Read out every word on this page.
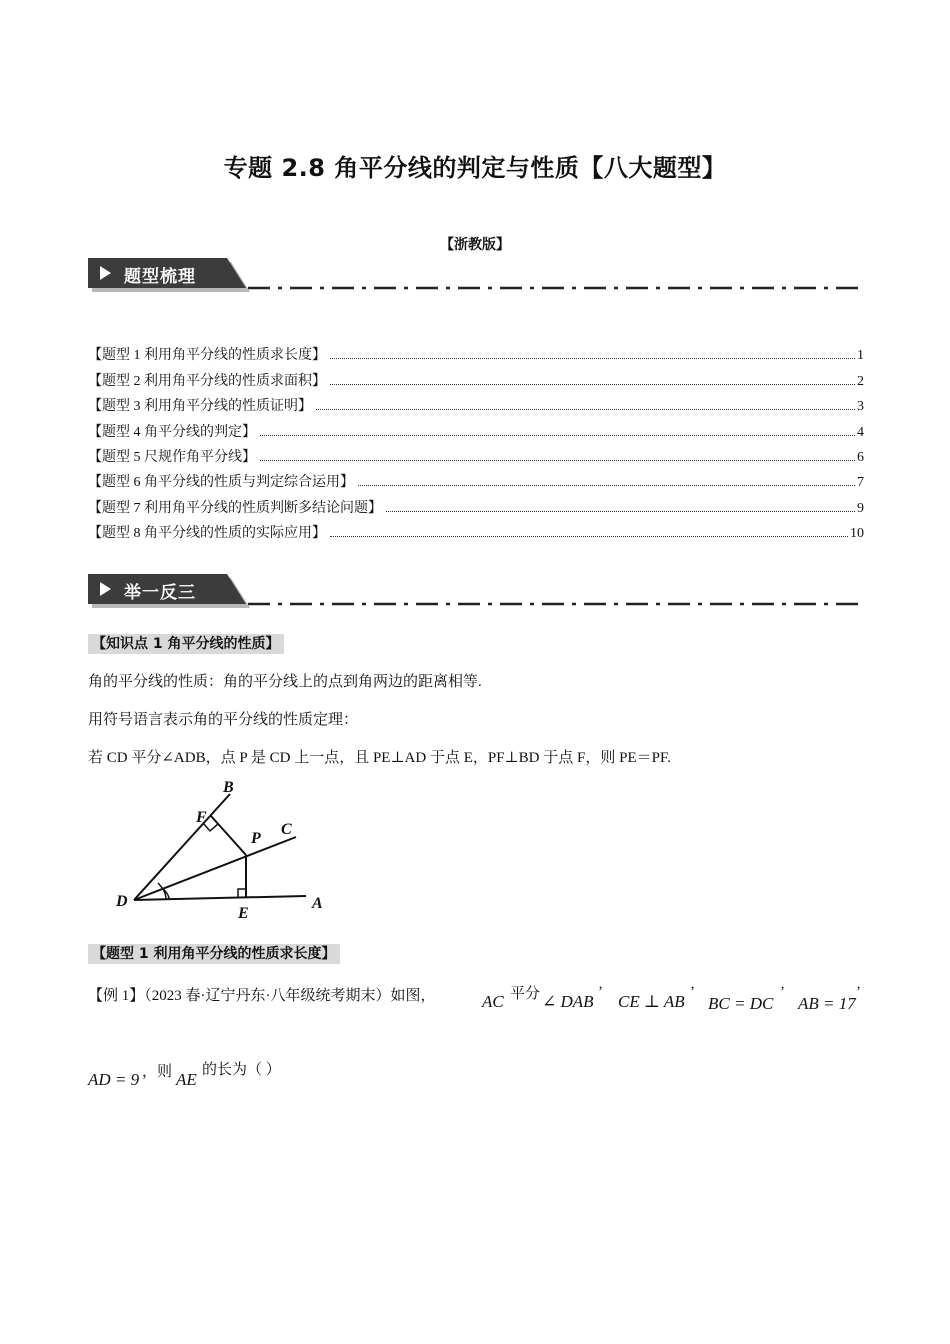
专题 2.8 角平分线的判定与性质【八大题型】
【浙教版】
题型梳理
【题型 1 利用角平分线的性质求长度】	1
【题型 2 利用角平分线的性质求面积】	2
【题型 3 利用角平分线的性质证明】	3
【题型 4 角平分线的判定】	4
【题型 5 尺规作角平分线】	6
【题型 6 角平分线的性质与判定综合运用】	7
【题型 7 利用角平分线的性质判断多结论问题】	9
【题型 8 角平分线的性质的实际应用】	10
举一反三
【知识点 1 角平分线的性质】
角的平分线的性质：角的平分线上的点到角两边的距离相等.
用符号语言表示角的平分线的性质定理：
若 CD 平分∠ADB，点 P 是 CD 上一点，且 PE⊥AD 于点 E，PF⊥BD 于点 F，则 PE＝PF.
B
F
P
C
D
E
A
【题型 1 利用角平分线的性质求长度】
【例 1】（2023 春·辽宁丹东·八年级统考期末）如图，	AC 平分 ∠ DAB ’ CE ⊥ AB ’
BC = DC
’
AB = 17
’
AD = 9 ，则 AE 的长为（ ）
